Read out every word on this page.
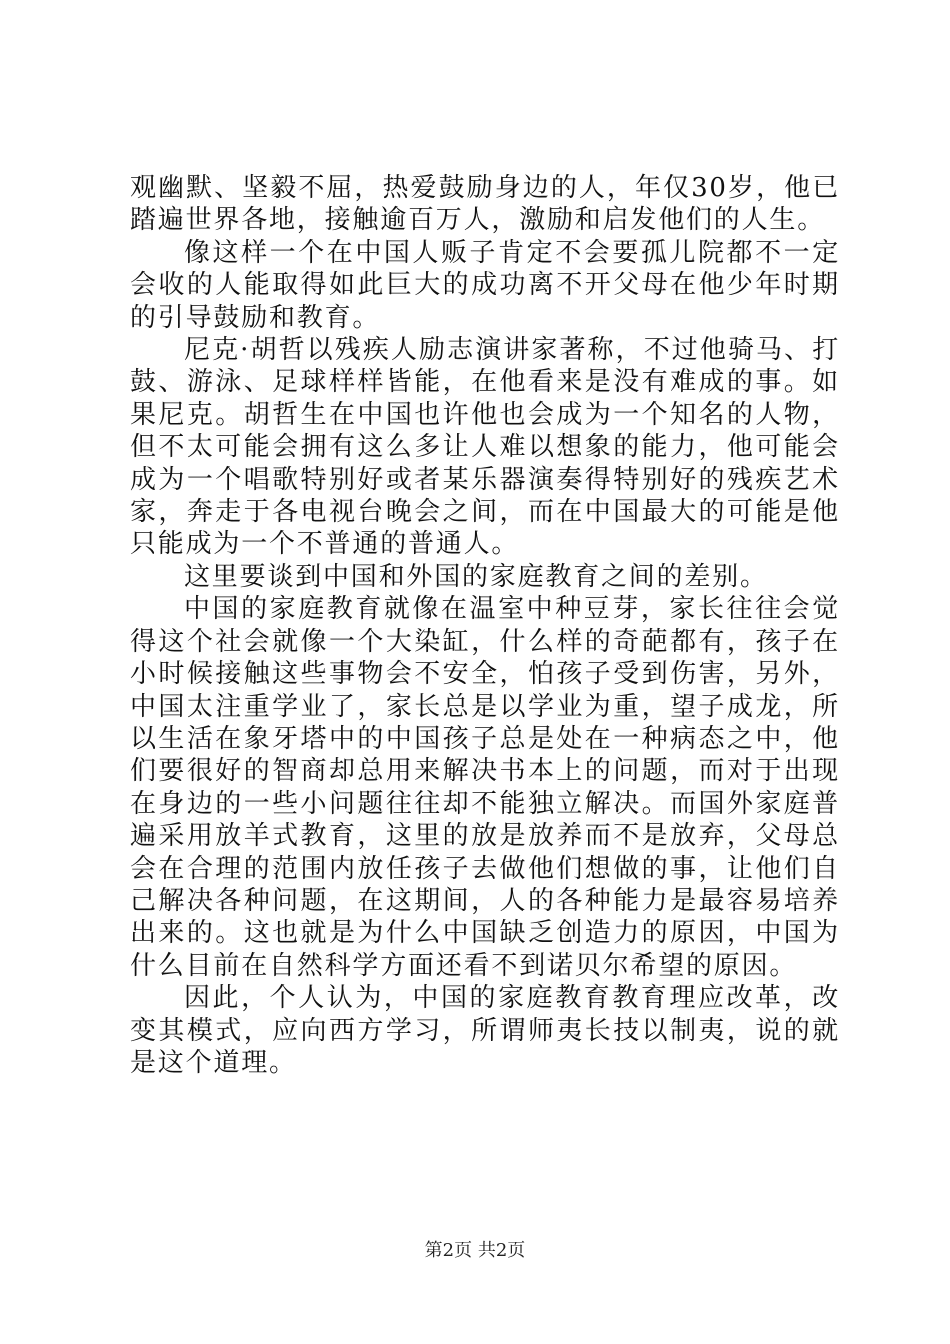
观幽默、坚毅不屈，热爱鼓励身边的人，年仅30岁，他已踏遍世界各地，接触逾百万人，激励和启发他们的人生。

像这样一个在中国人贩子肯定不会要孤儿院都不一定会收的人能取得如此巨大的成功离不开父母在他少年时期的引导鼓励和教育。

尼克·胡哲以残疾人励志演讲家著称，不过他骑马、打鼓、游泳、足球样样皆能，在他看来是没有难成的事。如果尼克。胡哲生在中国也许他也会成为一个知名的人物，但不太可能会拥有这么多让人难以想象的能力，他可能会成为一个唱歌特别好或者某乐器演奏得特别好的残疾艺术家，奔走于各电视台晚会之间，而在中国最大的可能是他只能成为一个不普通的普通人。

这里要谈到中国和外国的家庭教育之间的差别。

中国的家庭教育就像在温室中种豆芽，家长往往会觉得这个社会就像一个大染缸，什么样的奇葩都有，孩子在小时候接触这些事物会不安全，怕孩子受到伤害，另外，中国太注重学业了，家长总是以学业为重，望子成龙，所以生活在象牙塔中的中国孩子总是处在一种病态之中，他们要很好的智商却总用来解决书本上的问题，而对于出现在身边的一些小问题往往却不能独立解决。而国外家庭普遍采用放羊式教育，这里的放是放养而不是放弃，父母总会在合理的范围内放任孩子去做他们想做的事，让他们自己解决各种问题，在这期间，人的各种能力是最容易培养出来的。这也就是为什么中国缺乏创造力的原因，中国为什么目前在自然科学方面还看不到诺贝尔希望的原因。

因此，个人认为，中国的家庭教育教育理应改革，改变其模式，应向西方学习，所谓师夷长技以制夷，说的就是这个道理。

第2页 共2页
